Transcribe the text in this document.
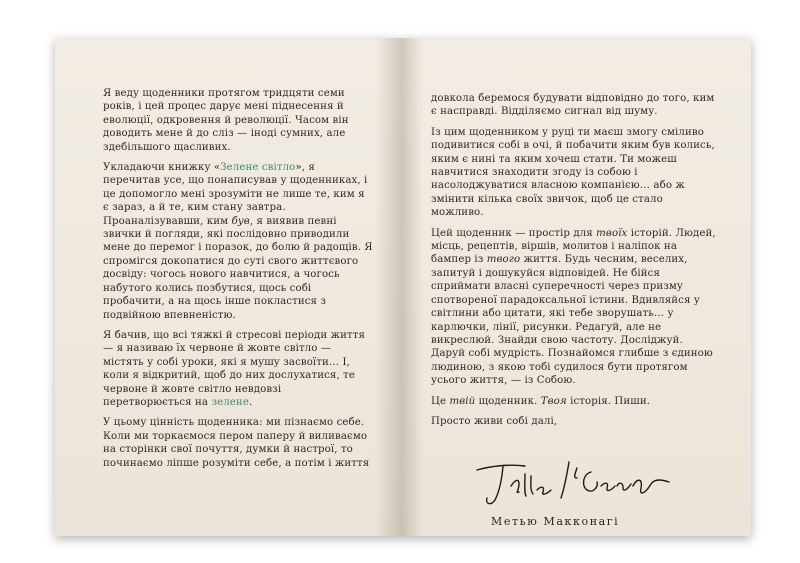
Я веду щоденники протягом тридцяти семи років, і цей процес дарує мені піднесення й еволюції, одкровення й революції. Часом він доводить мене й до сліз — іноді сумних, але здебільшого щасливих.

Укладаючи книжку «Зелене світло», я перечитав усе, що понаписував у щоденниках, і це допомогло мені зрозуміти не лише те, ким я є зараз, а й те, ким стану завтра. Проаналізувавши, ким був, я виявив певні звички й погляди, які послідовно приводили мене до перемог і поразок, до болю й радощів. Я спромігся докопатися до суті свого життєвого досвіду: чогось нового навчитися, а чогось набутого колись позбутися, щось собі пробачити, а на щось інше покластися з подвійною впевненістю.

Я бачив, що всі тяжкі й стресові періоди життя — я називаю їх червоне й жовте світло — містять у собі уроки, які я мушу засвоїти… І, коли я відкритий, щоб до них дослухатися, те червоне й жовте світло невдовзі перетворюється на зелене.

У цьому цінність щоденника: ми пізнаємо себе. Коли ми торкаємося пером паперу й виливаємо на сторінки свої почуття, думки й настрої, то починаємо ліпше розуміти себе, а потім і життя

довкола беремося будувати відповідно до того, ким є насправді. Відділяємо сигнал від шуму.

Із цим щоденником у руці ти маєш змогу сміливо подивитися собі в очі, й побачити яким був колись, яким є нині та яким хочеш стати. Ти можеш навчитися знаходити згоду із собою і насолоджуватися власною компанією… або ж змінити кілька своїх звичок, щоб це стало можливо.

Цей щоденник — простір для твоїх історій. Людей, місць, рецептів, віршів, молитов і наліпок на бампер із твого життя. Будь чесним, веселих, запитуй і дошукуйся відповідей. Не бійся сприймати власні суперечності через призму спотвореної парадоксальної істини. Вдивляйся у світлини або цитати, які тебе зворушать… у карлючки, лінії, рисунки. Редагуй, але не викреслюй. Знайди свою частоту. Досліджуй. Даруй собі мудрість. Познайомся глибше з єдиною людиною, з якою тобі судилося бути протягом усього життя, — із Собою.

Це твій щоденник. Твоя історія. Пиши.

Просто живи собі далі,

Метью Макконагі
